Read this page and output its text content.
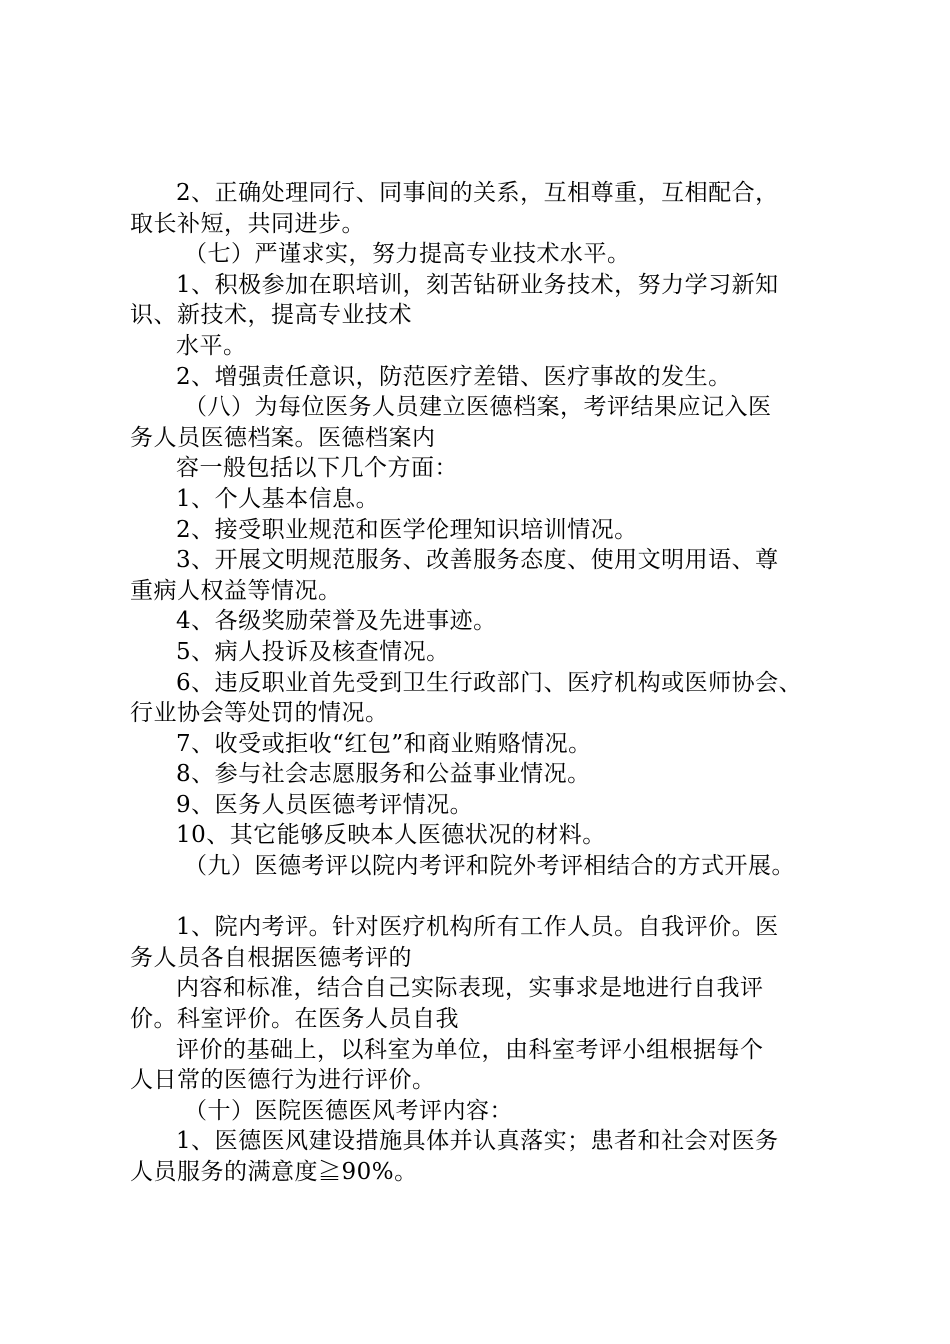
2、正确处理同行、同事间的关系，互相尊重，互相配合，
取长补短，共同进步。
（七）严谨求实，努力提高专业技术水平。
1、积极参加在职培训，刻苦钻研业务技术，努力学习新知
识、新技术，提高专业技术
水平。
2、增强责任意识，防范医疗差错、医疗事故的发生。
（八）为每位医务人员建立医德档案，考评结果应记入医
务人员医德档案。医德档案内
容一般包括以下几个方面：
1、个人基本信息。
2、接受职业规范和医学伦理知识培训情况。
3、开展文明规范服务、改善服务态度、使用文明用语、尊
重病人权益等情况。
4、各级奖励荣誉及先进事迹。
5、病人投诉及核查情况。
6、违反职业首先受到卫生行政部门、医疗机构或医师协会、
行业协会等处罚的情况。
7、收受或拒收“红包”和商业贿赂情况。
8、参与社会志愿服务和公益事业情况。
9、医务人员医德考评情况。
10、其它能够反映本人医德状况的材料。
（九）医德考评以院内考评和院外考评相结合的方式开展。
1、院内考评。针对医疗机构所有工作人员。自我评价。医
务人员各自根据医德考评的
内容和标准，结合自己实际表现，实事求是地进行自我评
价。科室评价。在医务人员自我
评价的基础上，以科室为单位，由科室考评小组根据每个
人日常的医德行为进行评价。
（十）医院医德医风考评内容：
1、医德医风建设措施具体并认真落实；患者和社会对医务
人员服务的满意度≧90%。
